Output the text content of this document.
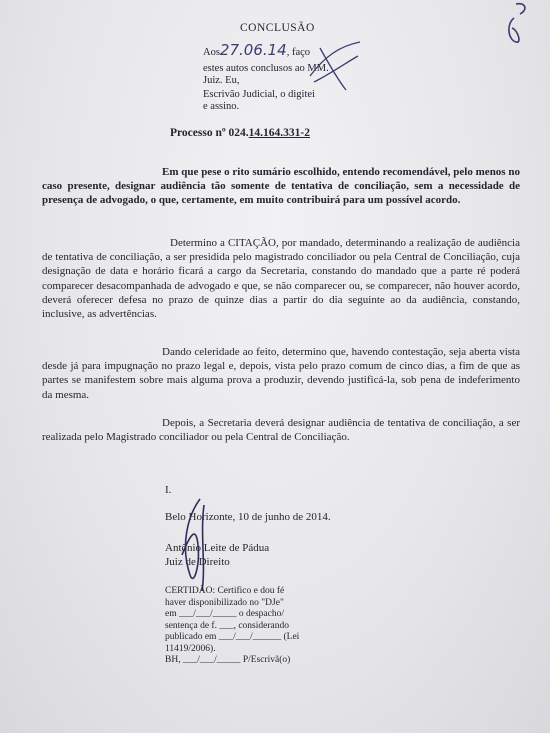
CONCLUSÃO
Aos27.06.14, faço
estes autos conclusos ao MM.
Juiz. Eu,
Escrivão Judicial, o digitei
e assino.
Processo nº 024.14.164.331-2
Em que pese o rito sumário escolhido, entendo recomendável, pelo menos no caso presente, designar audiência tão somente de tentativa de conciliação, sem a necessidade de presença de advogado, o que, certamente, em muito contribuirá para um possível acordo.
Determino a CITAÇÃO, por mandado, determinando a realização de audiência de tentativa de conciliação, a ser presidida pelo magistrado conciliador ou pela Central de Conciliação, cuja designação de data e horário ficará a cargo da Secretaria, constando do mandado que a parte ré poderá comparecer desacompanhada de advogado e que, se não comparecer ou, se comparecer, não houver acordo, deverá oferecer defesa no prazo de quinze dias a partir do dia seguinte ao da audiência, constando, inclusive, as advertências.
Dando celeridade ao feito, determino que, havendo contestação, seja aberta vista desde já para impugnação no prazo legal e, depois, vista pelo prazo comum de cinco dias, a fim de que as partes se manifestem sobre mais alguma prova a produzir, devendo justificá-la, sob pena de indeferimento da mesma.
Depois, a Secretaria deverá designar audiência de tentativa de conciliação, a ser realizada pelo Magistrado conciliador ou pela Central de Conciliação.
I.
Belo Horizonte, 10 de junho de 2014.
Antônio Leite de Pádua
Juiz de Direito
CERTIDÃO: Certifico e dou fé
haver disponibilizado no "DJe"
em ___/___/_____ o despacho/
sentença de f. ___, considerando
publicado em ___/___/______ (Lei
11419/2006).
BH, ___/___/_____ P/Escrivã(o)
